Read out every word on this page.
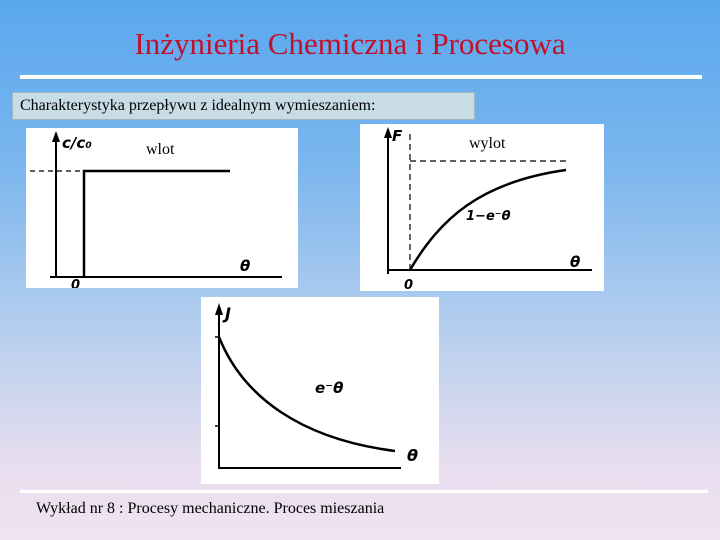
Inżynieria Chemiczna i Procesowa
Charakterystyka przepływu z idealnym wymieszaniem:
c/c₀
θ
0
wlot
F
1−e⁻θ
θ
0
wylot
J
e⁻θ
θ
Wykład nr 8 : Procesy mechaniczne. Proces mieszania
